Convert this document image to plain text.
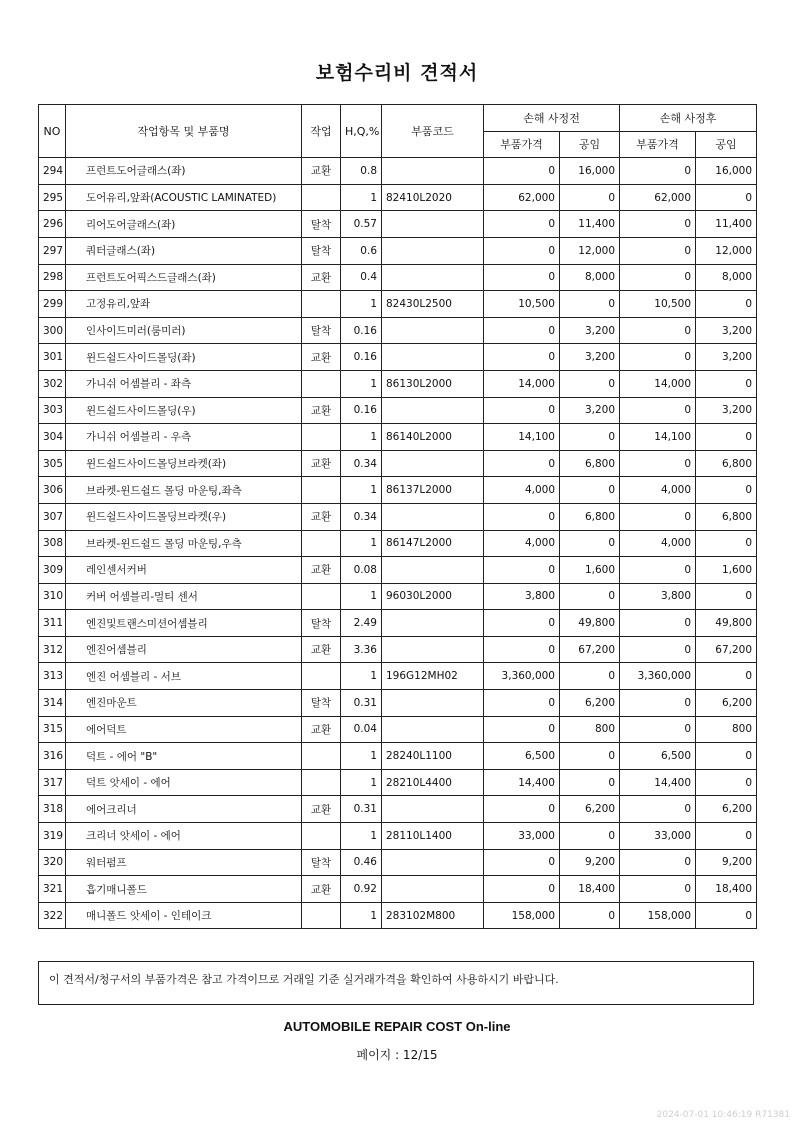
보험수리비 견적서
NO	작업항목 및 부품명	작업	H,Q,%	부품코드	손해 사정전		손해 사정후	
					부품가격	공임	부품가격	공임
294	프런트도어글래스(좌)	교환	0.8		0	16,000	0	16,000
295	도어유리,앞좌(ACOUSTIC LAMINATED)		1	82410L2020	62,000	0	62,000	0
296	리어도어글래스(좌)	탈착	0.57		0	11,400	0	11,400
297	쿼터글래스(좌)	탈착	0.6		0	12,000	0	12,000
298	프런트도어픽스드글래스(좌)	교환	0.4		0	8,000	0	8,000
299	고정유리,앞좌		1	82430L2500	10,500	0	10,500	0
300	인사이드미러(룸미러)	탈착	0.16		0	3,200	0	3,200
301	윈드쉴드사이드몰딩(좌)	교환	0.16		0	3,200	0	3,200
302	가니쉬 어셈블리 - 좌측		1	86130L2000	14,000	0	14,000	0
303	윈드쉴드사이드몰딩(우)	교환	0.16		0	3,200	0	3,200
304	가니쉬 어셈블리 - 우측		1	86140L2000	14,100	0	14,100	0
305	윈드쉴드사이드몰딩브라켓(좌)	교환	0.34		0	6,800	0	6,800
306	브라켓-윈드쉴드 몰딩 마운팅,좌측		1	86137L2000	4,000	0	4,000	0
307	윈드쉴드사이드몰딩브라켓(우)	교환	0.34		0	6,800	0	6,800
308	브라켓-윈드쉴드 몰딩 마운팅,우측		1	86147L2000	4,000	0	4,000	0
309	레인센서커버	교환	0.08		0	1,600	0	1,600
310	커버 어셈블리-멀티 센서		1	96030L2000	3,800	0	3,800	0
311	엔진및트랜스미션어셈블리	탈착	2.49		0	49,800	0	49,800
312	엔진어셈블리	교환	3.36		0	67,200	0	67,200
313	엔진 어셈블리 - 서브		1	196G12MH02	3,360,000	0	3,360,000	0
314	엔진마운트	탈착	0.31		0	6,200	0	6,200
315	에어덕트	교환	0.04		0	800	0	800
316	덕트 - 에어 "B"		1	28240L1100	6,500	0	6,500	0
317	덕트 앗세이 - 에어		1	28210L4400	14,400	0	14,400	0
318	에어크리너	교환	0.31		0	6,200	0	6,200
319	크리너 앗세이 - 에어		1	28110L1400	33,000	0	33,000	0
320	워터펌프	탈착	0.46		0	9,200	0	9,200
321	흡기매니폴드	교환	0.92		0	18,400	0	18,400
322	매니폴드 앗세이 - 인테이크		1	283102M800	158,000	0	158,000	0
이 견적서/청구서의 부품가격은 참고 가격이므로 거래일 기준 실거래가격을 확인하여 사용하시기 바랍니다.
AUTOMOBILE REPAIR COST On-line
페이지 : 12/15
2024-07-01 10:46:19 R71381
